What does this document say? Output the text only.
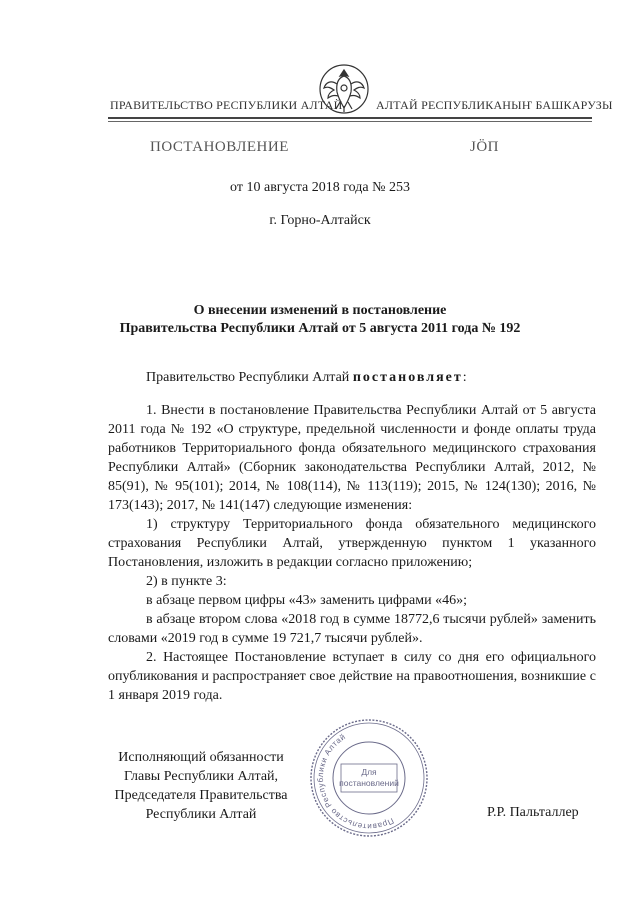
ПРАВИТЕЛЬСТВО РЕСПУБЛИКИ АЛТАЙ	АЛТАЙ РЕСПУБЛИКАНЫҤ БАШКАРУЗЫ
ПОСТАНОВЛЕНИЕ	ЈӦП
от 10 августа 2018 года № 253
г. Горно-Алтайск
О внесении изменений в постановление
Правительства Республики Алтай от 5 августа 2011 года № 192
Правительство Республики Алтай постановляет:

1. Внести в постановление Правительства Республики Алтай от 5 августа 2011 года № 192 «О структуре, предельной численности и фонде оплаты труда работников Территориального фонда обязательного медицинского страхования Республики Алтай» (Сборник законодательства Республики Алтай, 2012, № 85(91), № 95(101); 2014, № 108(114), № 113(119); 2015, № 124(130); 2016, № 173(143); 2017, № 141(147) следующие изменения:

1) структуру Территориального фонда обязательного медицинского страхования Республики Алтай, утвержденную пунктом 1 указанного Постановления, изложить в редакции согласно приложению;

2) в пункте 3:

в абзаце первом цифры «43» заменить цифрами «46»;

в абзаце втором слова «2018 год в сумме 18772,6 тысячи рублей» заменить словами «2019 год в сумме 19 721,7 тысячи рублей».

2. Настоящее Постановление вступает в силу со дня его официального опубликования и распространяет свое действие на правоотношения, возникшие с 1 января 2019 года.

Исполняющий обязанности
Главы Республики Алтай,
Председателя Правительства
Республики Алтай	Р.Р. Пальталлер
Правительство Республики Алтай
Для
постановлений
